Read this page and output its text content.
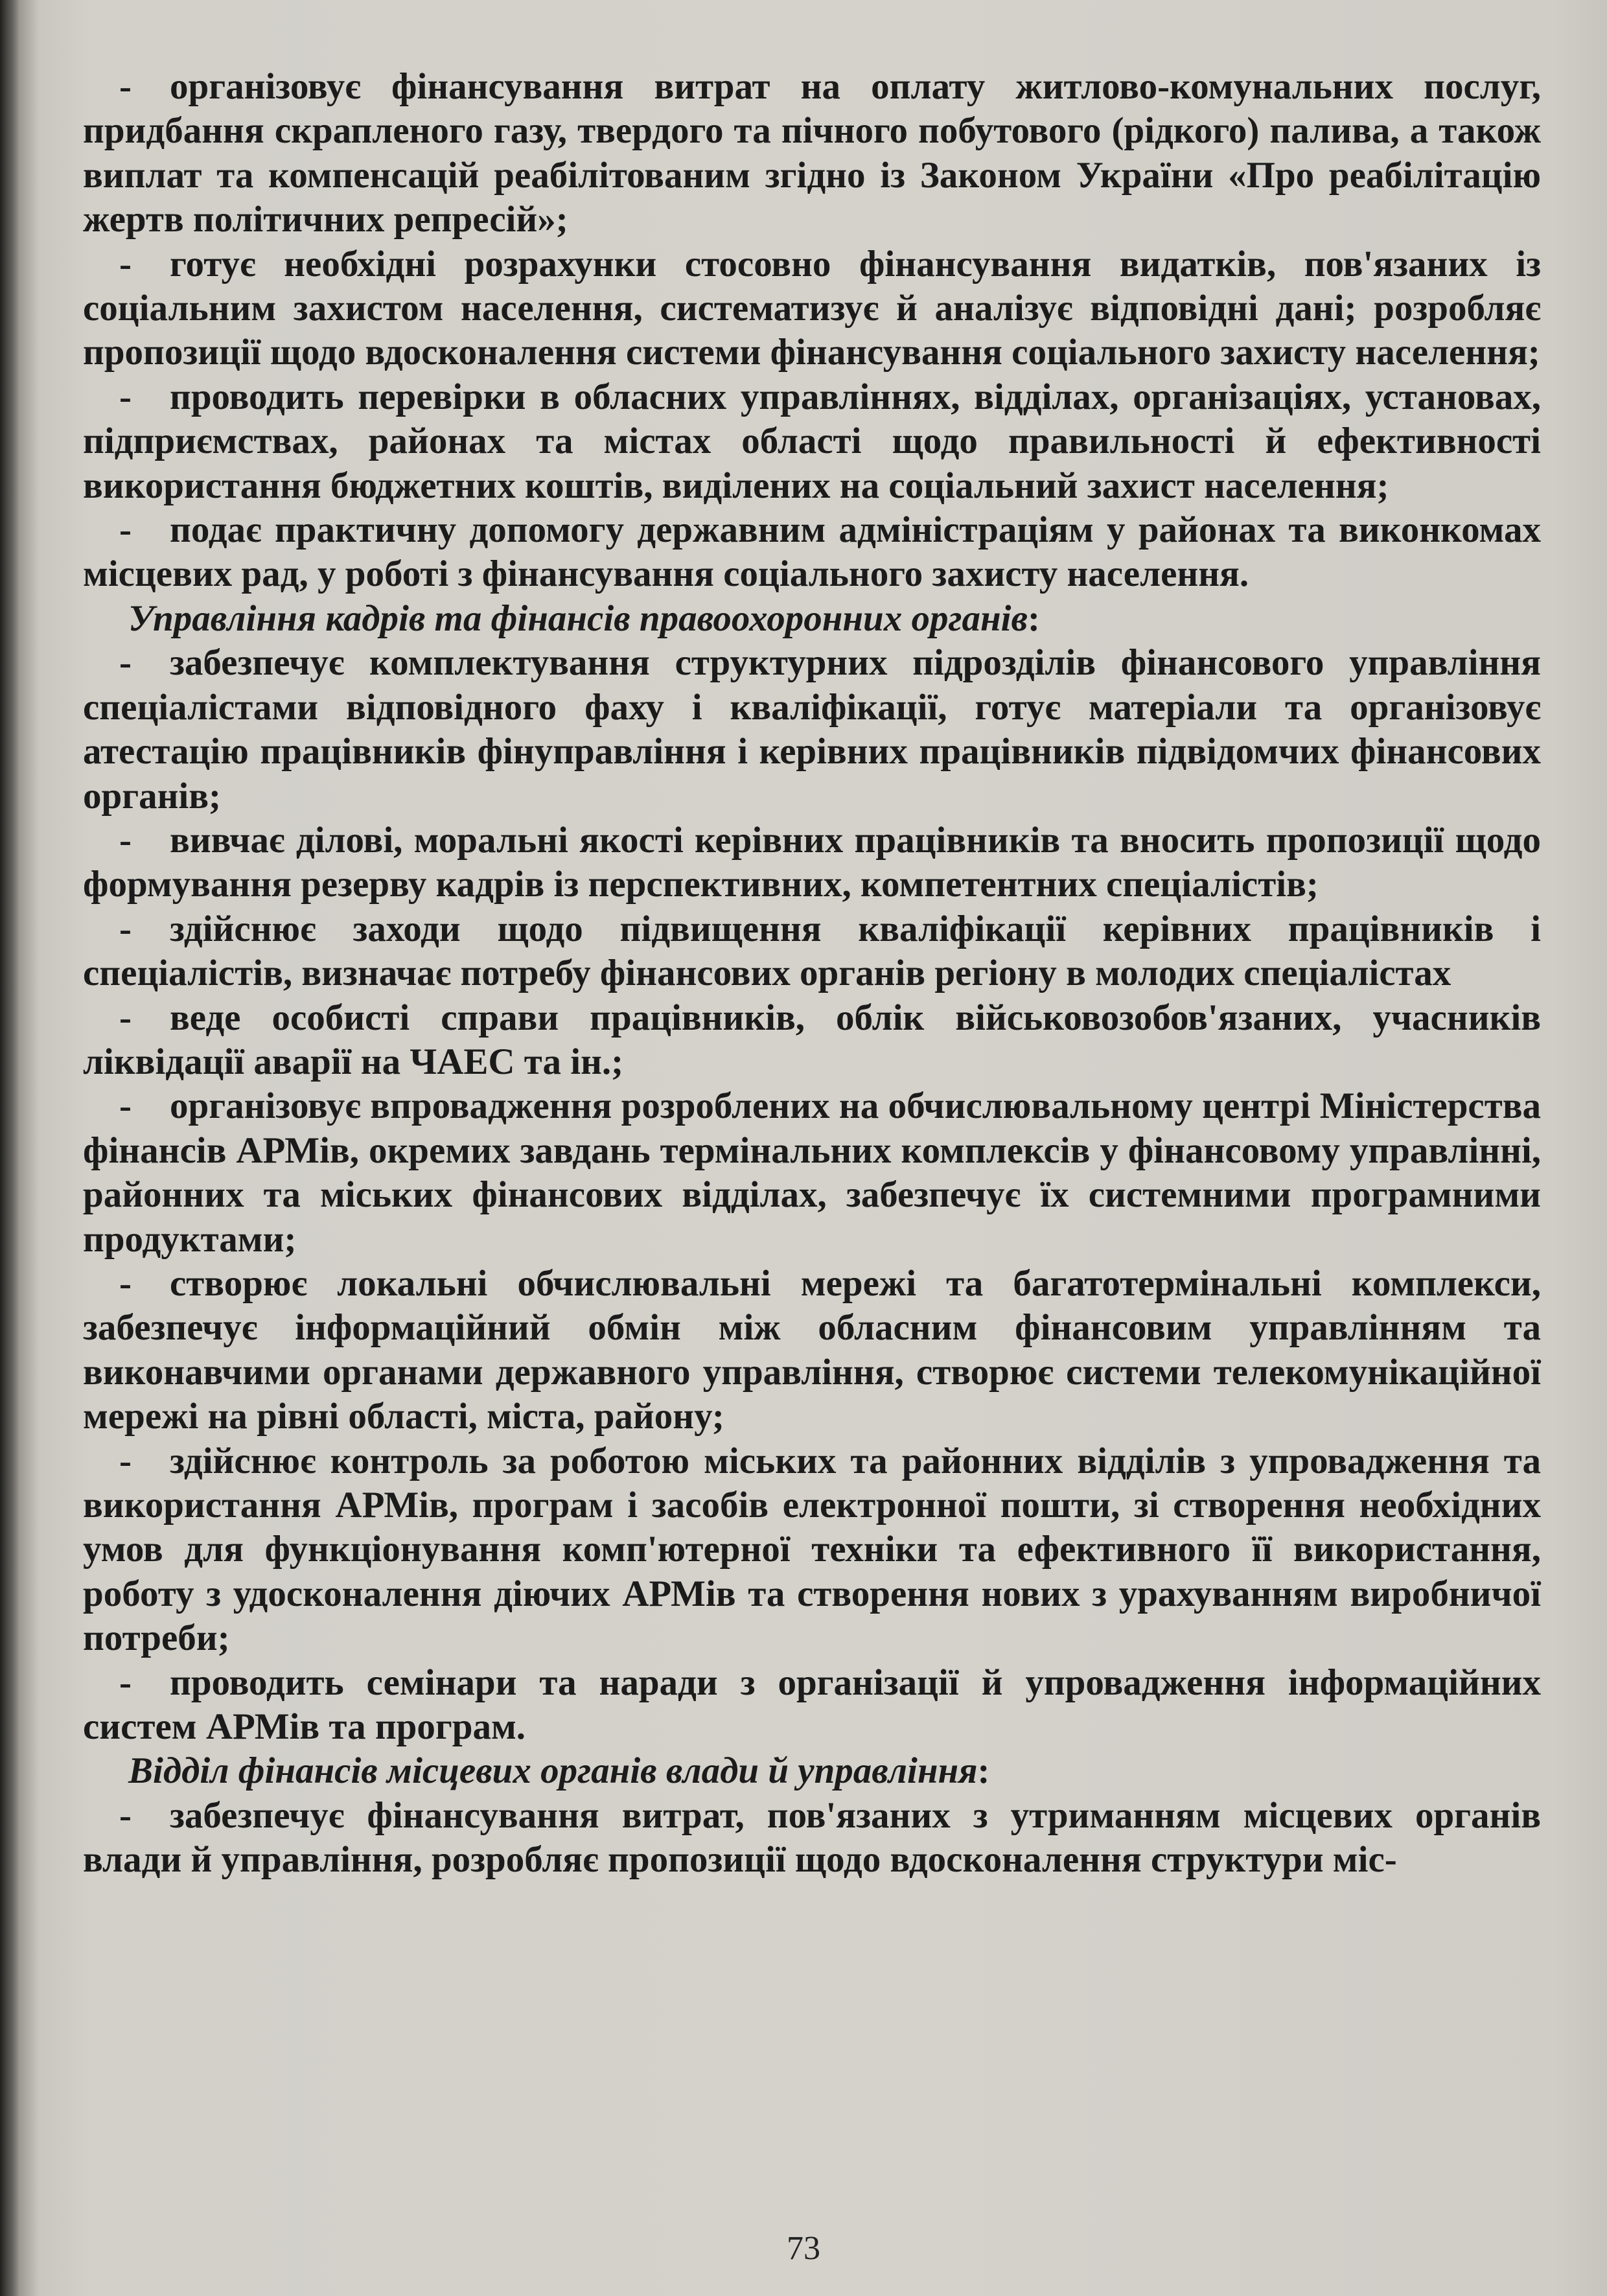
- організовує фінансування витрат на оплату житлово-комунальних послуг, придбання скрапленого газу, твердого та пічного побутового (рідкого) палива, а також виплат та компенсацій реабілітованим згідно із Законом України «Про реабілітацію жертв політичних репресій»;

- готує необхідні розрахунки стосовно фінансування видатків, пов'язаних із соціальним захистом населення, систематизує й аналізує відповідні дані; розробляє пропозиції щодо вдосконалення системи фінансування соціального захисту населення;

- проводить перевірки в обласних управліннях, відділах, організаціях, установах, підприємствах, районах та містах області щодо правильності й ефективності використання бюджетних коштів, виділених на соціальний захист населення;

- подає практичну допомогу державним адміністраціям у районах та виконкомах місцевих рад, у роботі з фінансування соціального захисту населення.

Управління кадрів та фінансів правоохоронних органів:

- забезпечує комплектування структурних підрозділів фінансового управління спеціалістами відповідного фаху і кваліфікації, готує матеріали та організовує атестацію працівників фінуправління і керівних працівників підвідомчих фінансових органів;

- вивчає ділові, моральні якості керівних працівників та вносить пропозиції щодо формування резерву кадрів із перспективних, компетентних спеціалістів;

- здійснює заходи щодо підвищення кваліфікації керівних працівників і спеціалістів, визначає потребу фінансових органів регіону в молодих спеціалістах

- веде особисті справи працівників, облік військовозобов'язаних, учасників ліквідації аварії на ЧАЕС та ін.;

- організовує впровадження розроблених на обчислювальному центрі Міністерства фінансів АРМів, окремих завдань термінальних комплексів у фінансовому управлінні, районних та міських фінансових відділах, забезпечує їх системними програмними продуктами;

- створює локальні обчислювальні мережі та багатотермінальні комплекси, забезпечує інформаційний обмін між обласним фінансовим управлінням та виконавчими органами державного управління, створює системи телекомунікаційної мережі на рівні області, міста, району;

- здійснює контроль за роботою міських та районних відділів з упровадження та використання АРМів, програм і засобів електронної пошти, зі створення необхідних умов для функціонування комп'ютерної техніки та ефективного її використання, роботу з удосконалення діючих АРМів та створення нових з урахуванням виробничої потреби;

- проводить семінари та наради з організації й упровадження інформаційних систем АРМів та програм.

Відділ фінансів місцевих органів влади й управління:

- забезпечує фінансування витрат, пов'язаних з утриманням місцевих органів влади й управління, розробляє пропозиції щодо вдосконалення структури міс-

73
